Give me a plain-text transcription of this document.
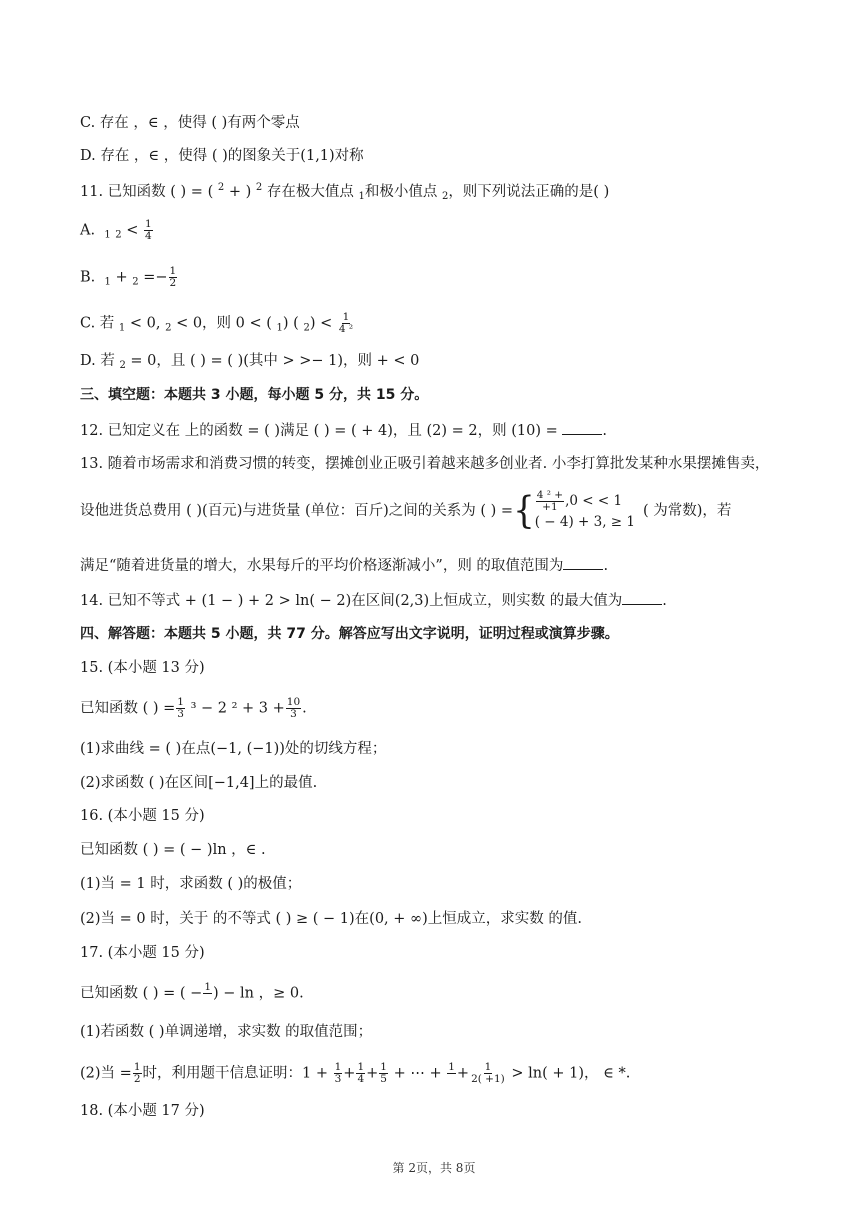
C. 存在 ，∈ ，使得 ( )有两个零点
D. 存在 ，∈ ，使得 ( )的图象关于(1,1)对称
11. 已知函数 ( ) = ( $^2$ + ) $^2$ 存在极大值点 $_1$和极小值点 $_2$，则下列说法正确的是( )
A. $_1$ $_2 < \frac{1}{4}$
B. $_1 + _2 =- \frac{1}{2}$
C. 若 $_1$ < 0, $_2$ < 0，则 0 < ( $_1$) ( $_2) < \frac{1}{\text{4 ²}}$
D. 若 $_2$ = 0，且 ( ) = ( )(其中 > >− 1)，则 + < 0
三、填空题：本题共 3 小题，每小题 5 分，共 15 分。
12. 已知定义在 上的函数 = ( )满足 ( ) = ( + 4)，且 (2) = 2，则 (10) =	.
13. 随着市场需求和消费习惯的转变，摆摊创业正吸引着越来越多创业者. 小李打算批发某种水果摆摊售卖，
设他进货总费用 ( )(百元)与进货量 (单位：百斤)之间的关系为 ( ) = { $\frac{\text{4 ² +}}{+1} ,0$ < < 1
( − 4) + 3, ≥ 1
( 为常数)，若
满足“随着进货量的增大，水果每斤的平均价格逐渐减小”，则 的取值范围为	.
14. 已知不等式 + (1 − ) + 2 > ln( − 2)在区间(2,3)上恒成立，则实数 的最大值为	.
四、解答题：本题共 5 小题，共 77 分。解答应写出文字说明，证明过程或演算步骤。
15. (本小题 13 分)
已知函数 ( ) = $\frac{1}{3} ^3 - 2$ $^2 + 3 + \frac{10}{3}$ .
(1)求曲线 = ( )在点(−1, (−1))处的切线方程；
(2)求函数 ( )在区间[−1,4]上的最值.
16. (本小题 15 分)
已知函数 ( ) = ( − )ln ，∈ .
(1)当 = 1 时，求函数 ( )的极值；
(2)当 = 0 时，关于 的不等式 ( ) ≥ ( − 1)在(0, + ∞)上恒成立，求实数 的值.
17. (本小题 15 分)
已知函数 ( ) = ( − 1
) − ln ，≥ 0.
(1)若函数 ( )单调递增，求实数 的取值范围；
(2)当 = $\frac{1}{2}$ 时，利用题干信息证明：$1 + \frac{1}{3} + \frac{1}{4} + \frac{1}{5}$ + ⋯ + 1
+ $\frac{1}{2( +1)} > \ln( + 1)$， ∈ *.
18. (本小题 17 分)
第 2页，共 8页
